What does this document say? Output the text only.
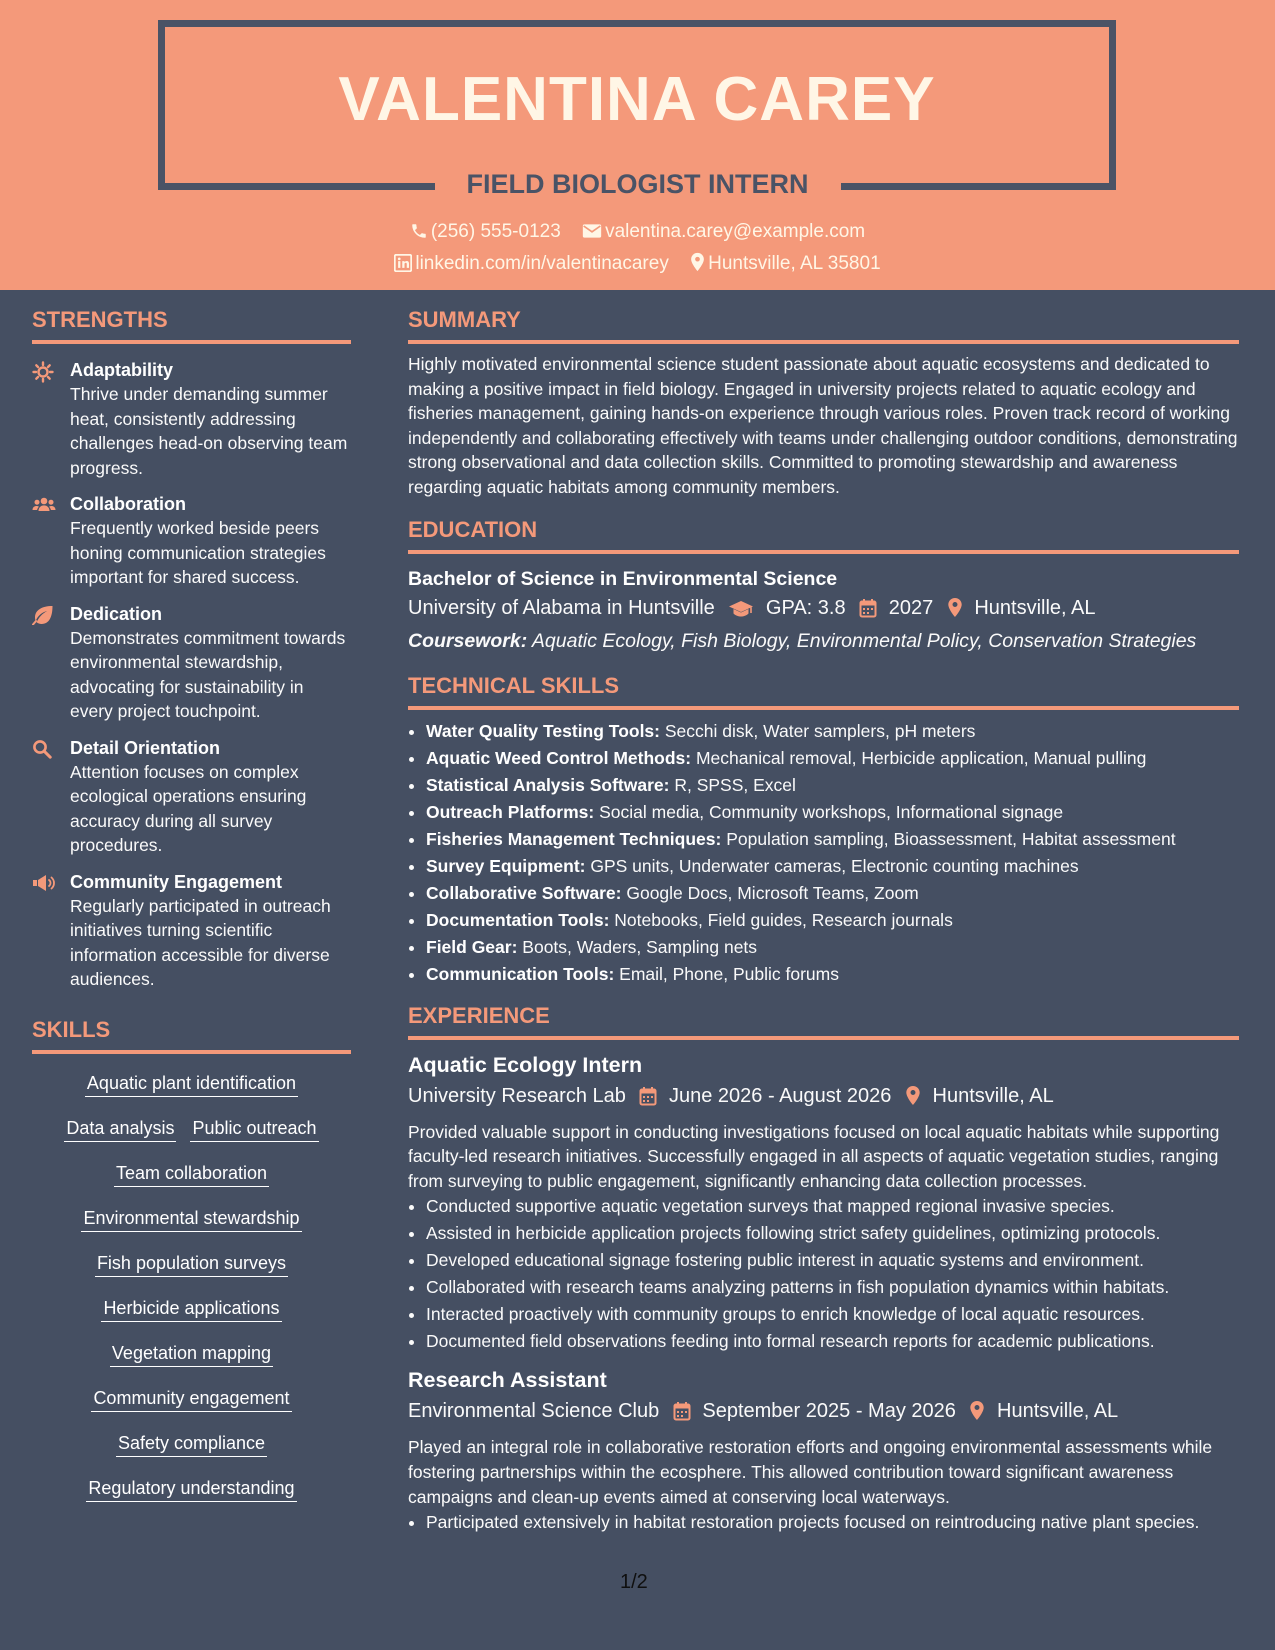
VALENTINA CAREY
FIELD BIOLOGIST INTERN
(256) 555-0123 valentina.carey@example.com
linkedin.com/in/valentinacarey Huntsville, AL 35801
STRENGTHS
Adaptability
Thrive under demanding summer heat, consistently addressing challenges head-on observing team progress.
Collaboration
Frequently worked beside peers honing communication strategies important for shared success.
Dedication
Demonstrates commitment towards environmental stewardship, advocating for sustainability in every project touchpoint.
Detail Orientation
Attention focuses on complex ecological operations ensuring accuracy during all survey procedures.
Community Engagement
Regularly participated in outreach initiatives turning scientific information accessible for diverse audiences.
SKILLS
Aquatic plant identification
Data analysis Public outreach
Team collaboration
Environmental stewardship
Fish population surveys
Herbicide applications
Vegetation mapping
Community engagement
Safety compliance
Regulatory understanding
SUMMARY
Highly motivated environmental science student passionate about aquatic ecosystems and dedicated to making a positive impact in field biology. Engaged in university projects related to aquatic ecology and fisheries management, gaining hands-on experience through various roles. Proven track record of working independently and collaborating effectively with teams under challenging outdoor conditions, demonstrating strong observational and data collection skills. Committed to promoting stewardship and awareness regarding aquatic habitats among community members.
EDUCATION
Bachelor of Science in Environmental Science
University of Alabama in Huntsville	GPA: 3.8 2027 Huntsville, AL
Coursework: Aquatic Ecology, Fish Biology, Environmental Policy, Conservation Strategies
TECHNICAL SKILLS
• Water Quality Testing Tools: Secchi disk, Water samplers, pH meters
• Aquatic Weed Control Methods: Mechanical removal, Herbicide application, Manual pulling
• Statistical Analysis Software: R, SPSS, Excel
• Outreach Platforms: Social media, Community workshops, Informational signage
• Fisheries Management Techniques: Population sampling, Bioassessment, Habitat assessment
• Survey Equipment: GPS units, Underwater cameras, Electronic counting machines
• Collaborative Software: Google Docs, Microsoft Teams, Zoom
• Documentation Tools: Notebooks, Field guides, Research journals
• Field Gear: Boots, Waders, Sampling nets
• Communication Tools: Email, Phone, Public forums
EXPERIENCE
Aquatic Ecology Intern
University Research Lab June 2026 - August 2026 Huntsville, AL
Provided valuable support in conducting investigations focused on local aquatic habitats while supporting faculty-led research initiatives. Successfully engaged in all aspects of aquatic vegetation studies, ranging from surveying to public engagement, significantly enhancing data collection processes.
• Conducted supportive aquatic vegetation surveys that mapped regional invasive species.
• Assisted in herbicide application projects following strict safety guidelines, optimizing protocols.
• Developed educational signage fostering public interest in aquatic systems and environment.
• Collaborated with research teams analyzing patterns in fish population dynamics within habitats.
• Interacted proactively with community groups to enrich knowledge of local aquatic resources.
• Documented field observations feeding into formal research reports for academic publications.
Research Assistant
Environmental Science Club September 2025 - May 2026 Huntsville, AL
Played an integral role in collaborative restoration efforts and ongoing environmental assessments while fostering partnerships within the ecosphere. This allowed contribution toward significant awareness campaigns and clean-up events aimed at conserving local waterways.
• Participated extensively in habitat restoration projects focused on reintroducing native plant species.
1/2
